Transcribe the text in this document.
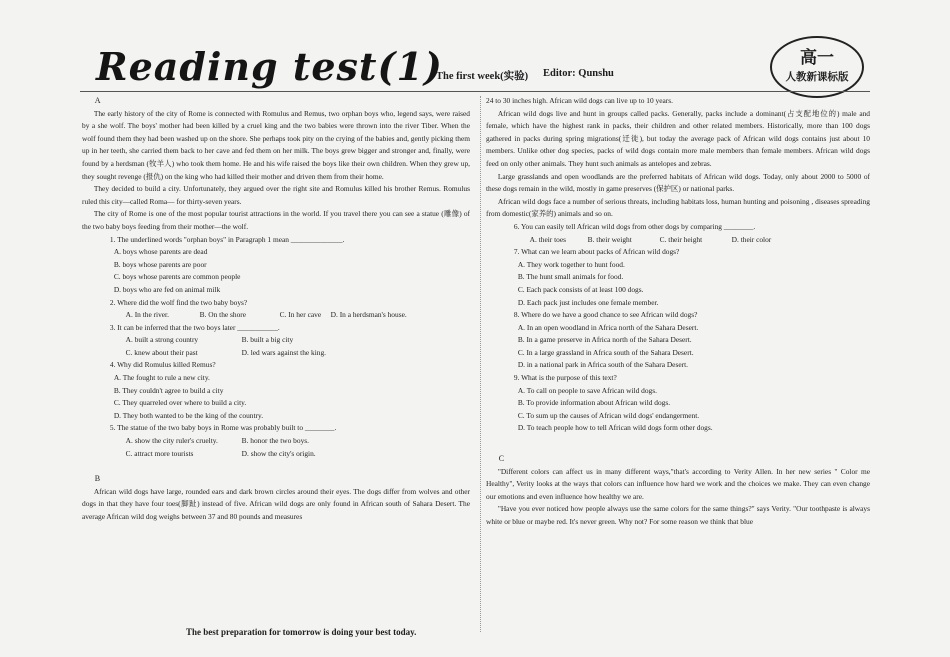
Reading test(1)
The first week(实验) Editor: Qunshu
高一
人教新课标版

A

The early history of the city of Rome is connected with Romulus and Remus, two orphan boys who, legend says, were raised by a she wolf. The boys' mother had been killed by a cruel king and the two babies were thrown into the river Tiber. When the wolf found them they had been washed up on the shore. She perhaps took pity on the crying of the babies and, gently picking them up in her teeth, she carried them back to her cave and fed them on her milk. The boys grew bigger and stronger and, finally, were found by a herdsman (牧羊人) who took them home. He and his wife raised the boys like their own children. When they grew up, they sought revenge (报仇) on the king who had killed their mother and driven them from their home.

They decided to build a city. Unfortunately, they argued over the right site and Romulus killed his brother Remus. Romulus ruled this city—called Roma— for thirty-seven years.

The city of Rome is one of the most popular tourist attractions in the world. If you travel there you can see a statue (雕像) of the two baby boys feeding from their mother—the wolf.

1. The underlined words "orphan boys" in Paragraph 1 mean ______________.

A. boys whose parents are dead

B. boys whose parents are poor

C. boys whose parents are common people

D. boys who are fed on animal milk

2. Where did the wolf find the two baby boys?

A. In the river.	B. On the shore	C. In her cave D. In a herdsman's house.

3. It can be inferred that the two boys later ___________.

A. built a strong country	B. built a big city

C. knew about their past	D. led wars against the king.

4. Why did Romulus killed Remus?

A. The fought to rule a new city.

B. They couldn't agree to build a city

C. They quarreled over where to build a city.

D. They both wanted to be the king of the country.

5. The statue of the two baby boys in Rome was probably built to ________.

A. show the city ruler's cruelty.	B. honor the two boys.

C. attract more tourists	D. show the city's origin.

B

African wild dogs have large, rounded ears and dark brown circles around their eyes. The dogs differ from wolves and other dogs in that they have four toes(脚趾) instead of five. African wild dogs are only found in African south of Sahara Desert. The average African wild dog weighs between 37 and 80 pounds and measures

24 to 30 inches high. African wild dogs can live up to 10 years.

African wild dogs live and hunt in groups called packs. Generally, packs include a dominant(占支配地位的) male and female, which have the highest rank in packs, their children and other related members. Historically, more than 100 dogs gathered in packs during spring migrations(迁徙), but today the average pack of African wild dogs contains just about 10 members. Unlike other dog species, packs of wild dogs contain more male members than female members. African wild dogs feed on only other animals. They hunt such animals as antelopes and zebras.

Large grasslands and open woodlands are the preferred habitats of African wild dogs. Today, only about 2000 to 5000 of these dogs remain in the wild, mostly in game preserves (保护区) or national parks.

African wild dogs face a number of serious threats, including habitats loss, human hunting and poisoning , diseases spreading from domestic(家养的) animals and so on.

6. You can easily tell African wild dogs from other dogs by comparing ________.

A. their toes	B. their weight	C. their height	D. their color

7. What can we learn about packs of African wild dogs?

A. They work together to hunt food.

B. The hunt small animals for food.

C. Each pack consists of at least 100 dogs.

D. Each pack just includes one female member.

8. Where do we have a good chance to see African wild dogs?

A. In an open woodland in Africa north of the Sahara Desert.

B. In a game preserve in Africa north of the Sahara Desert.

C. In a large grassland in Africa south of the Sahara Desert.

D. in a national park in Africa south of the Sahara Desert.

9. What is the purpose of this text?

A. To call on people to save African wild dogs.

B. To provide information about African wild dogs.

C. To sum up the causes of African wild dogs' endangerment.

D. To teach people how to tell African wild dogs form other dogs.

C

"Different colors can affect us in many different ways,"that's according to Verity Allen. In her new series " Color me Healthy", Verity looks at the ways that colors can influence how hard we work and the choices we make. They can even change our emotions and even influence how healthy we are.

"Have you ever noticed how people always use the same colors for the same things?" says Verity. "Our toothpaste is always white or blue or maybe red. It's never green. Why not? For some reason we think that blue

The best preparation for tomorrow is doing your best today.
